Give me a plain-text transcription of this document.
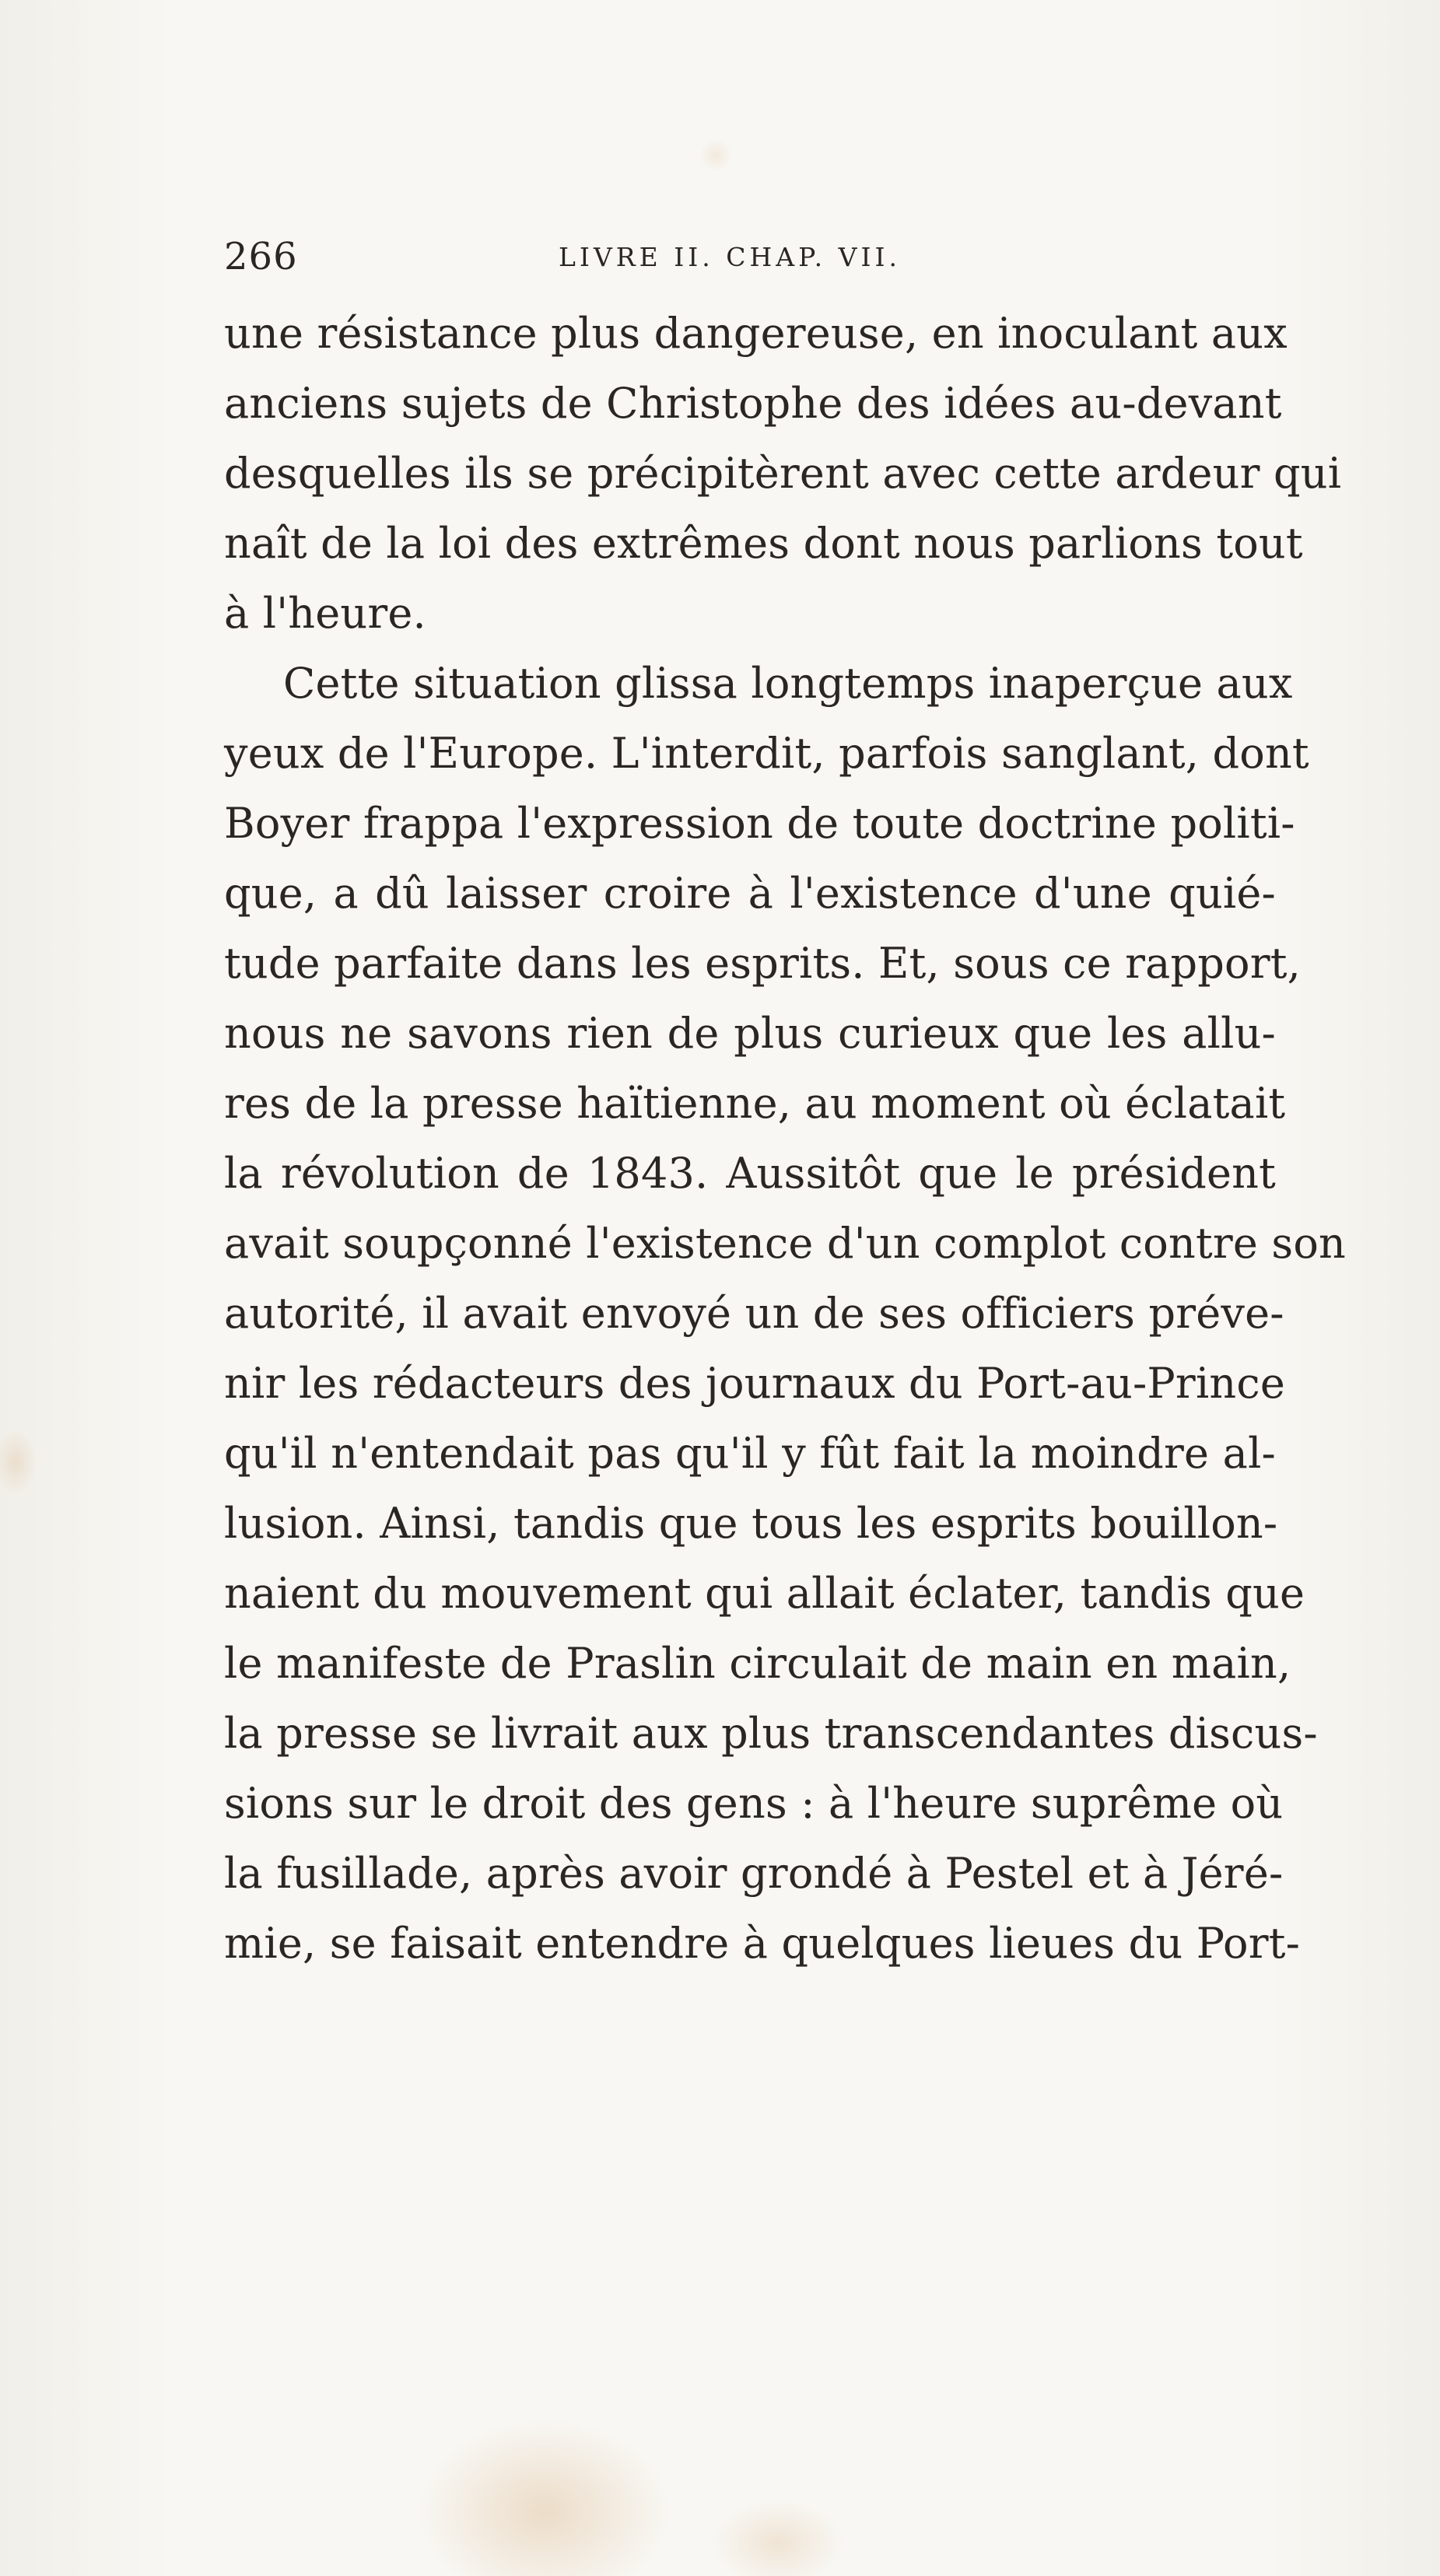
266	LIVRE II. CHAP. VII.
une résistance plus dangereuse, en inoculant aux
anciens sujets de Christophe des idées au-devant
desquelles ils se précipitèrent avec cette ardeur qui
naît de la loi des extrêmes dont nous parlions tout
à l'heure.
Cette situation glissa longtemps inaperçue aux
yeux de l'Europe. L'interdit, parfois sanglant, dont
Boyer frappa l'expression de toute doctrine politi-
que, a dû laisser croire à l'existence d'une quié-
tude parfaite dans les esprits. Et, sous ce rapport,
nous ne savons rien de plus curieux que les allu-
res de la presse haïtienne, au moment où éclatait
la révolution de 1843. Aussitôt que le président
avait soupçonné l'existence d'un complot contre son
autorité, il avait envoyé un de ses officiers préve-
nir les rédacteurs des journaux du Port-au-Prince
qu'il n'entendait pas qu'il y fût fait la moindre al-
lusion. Ainsi, tandis que tous les esprits bouillon-
naient du mouvement qui allait éclater, tandis que
le manifeste de Praslin circulait de main en main,
la presse se livrait aux plus transcendantes discus-
sions sur le droit des gens : à l'heure suprême où
la fusillade, après avoir grondé à Pestel et à Jéré-
mie, se faisait entendre à quelques lieues du Port-
